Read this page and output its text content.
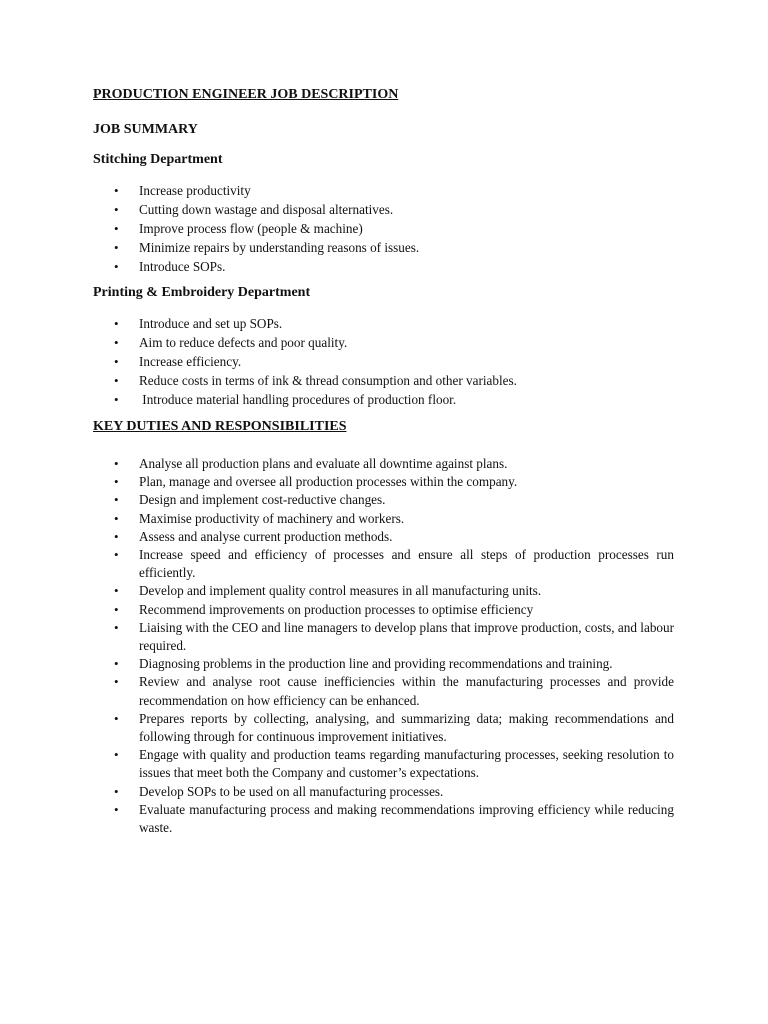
PRODUCTION ENGINEER JOB DESCRIPTION
JOB SUMMARY
Stitching Department
• Increase productivity
• Cutting down wastage and disposal alternatives.
• Improve process flow (people & machine)
• Minimize repairs by understanding reasons of issues.
• Introduce SOPs.
Printing & Embroidery Department
• Introduce and set up SOPs.
• Aim to reduce defects and poor quality.
• Increase efficiency.
• Reduce costs in terms of ink & thread consumption and other variables.
• Introduce material handling procedures of production floor.
KEY DUTIES AND RESPONSIBILITIES
• Analyse all production plans and evaluate all downtime against plans.
• Plan, manage and oversee all production processes within the company.
• Design and implement cost-reductive changes.
• Maximise productivity of machinery and workers.
• Assess and analyse current production methods.
• Increase speed and efficiency of processes and ensure all steps of production processes run efficiently.
• Develop and implement quality control measures in all manufacturing units.
• Recommend improvements on production processes to optimise efficiency
• Liaising with the CEO and line managers to develop plans that improve production, costs, and labour required.
• Diagnosing problems in the production line and providing recommendations and training.
• Review and analyse root cause inefficiencies within the manufacturing processes and provide recommendation on how efficiency can be enhanced.
• Prepares reports by collecting, analysing, and summarizing data; making recommendations and following through for continuous improvement initiatives.
• Engage with quality and production teams regarding manufacturing processes, seeking resolution to issues that meet both the Company and customer’s expectations.
• Develop SOPs to be used on all manufacturing processes.
• Evaluate manufacturing process and making recommendations improving efficiency while reducing waste.
